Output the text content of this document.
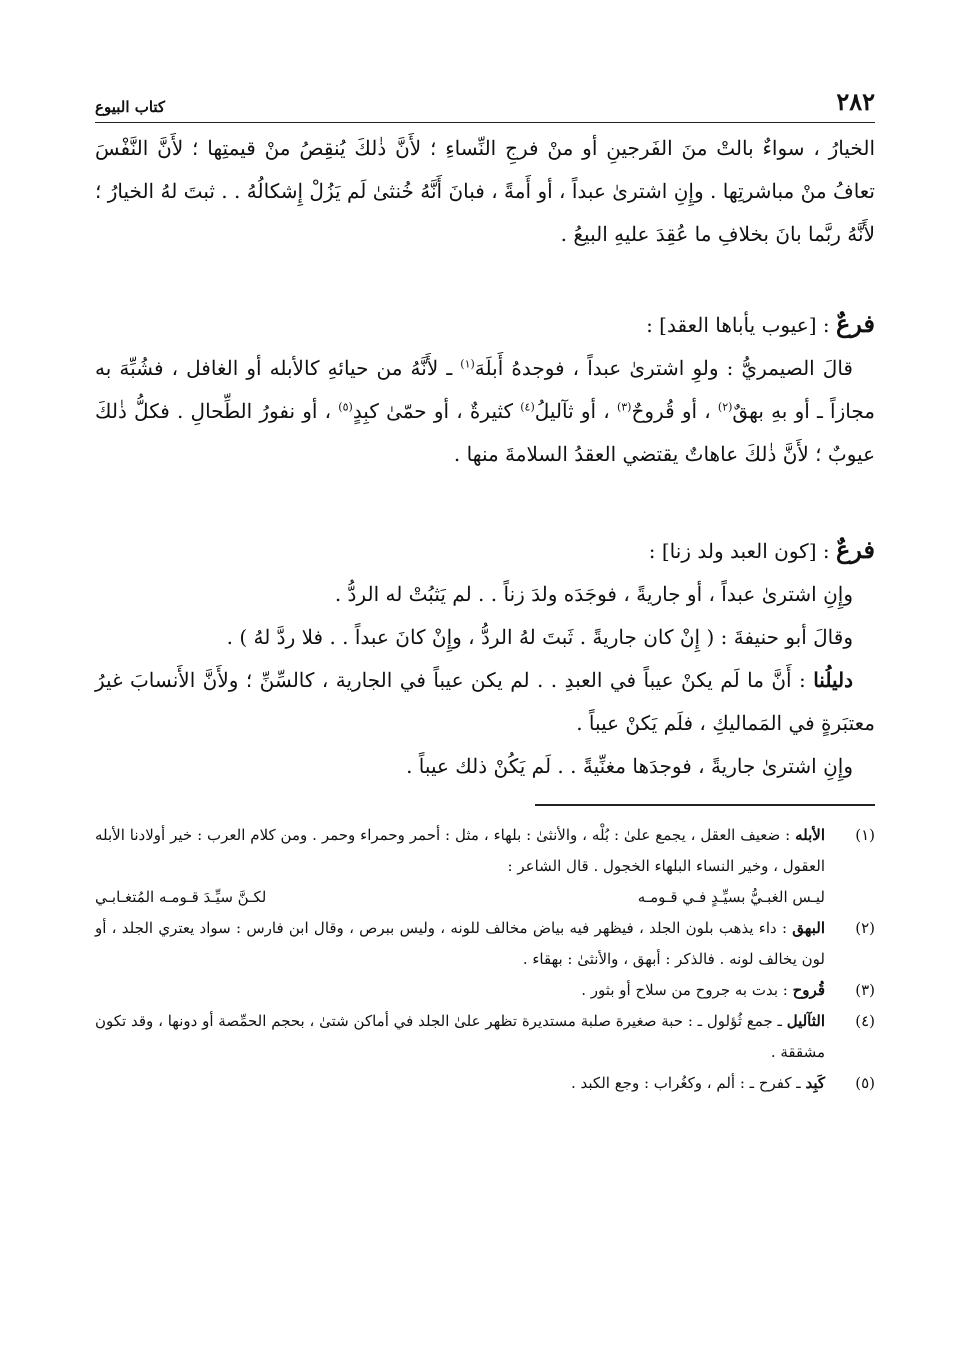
٢٨٢
كتاب البيوع

الخيارُ ، سواءٌ بالتْ منَ الفَرجينِ أو منْ فرجِ النِّساءِ ؛ لأَنَّ ذٰلكَ يُنقِصُ منْ قيمتِها ؛ لأَنَّ النَّفْسَ تعافُ منْ مباشرتِها . وإِنِ اشترىٰ عبداً ، أو أَمةً ، فبانَ أَنَّهُ خُنثىٰ لَم يَزُلْ إِشكالُهُ . . ثبتَ لهُ الخيارُ ؛ لأَنَّهُ ربَّما بانَ بخلافِ ما عُقِدَ عليهِ البيعُ .

فرعٌ : [عيوب يأباها العقد] :

قالَ الصيمريُّ : ولوِ اشترىٰ عبداً ، فوجدهُ أَبلَهَ$^{(١)}$ ـ لأَنَّهُ من حيائهِ كالأبله أو الغافل ، فشُبِّهَ به مجازاً ـ أو بهِ بهقٌ$^{(٢)}$ ، أو قُروحٌ$^{(٣)}$ ، أو ثآليلُ$^{(٤)}$ كثيرةٌ ، أو حمّىٰ كبِدٍ$^{(٥)}$ ، أو نفورُ الطِّحالِ . فكلُّ ذٰلكَ عيوبٌ ؛ لأَنَّ ذٰلكَ عاهاتٌ يقتضي العقدُ السلامةَ منها .

فرعٌ : [كون العبد ولد زنا] :

وإِنِ اشترىٰ عبداً ، أو جاريةً ، فوجَدَه ولدَ زناً . . لم يَثبُتْ له الردُّ .

وقالَ أبو حنيفةَ : ( إِنْ كان جاريةً . ثَبتَ لهُ الردُّ ، وإِنْ كانَ عبداً . . فلا ردَّ لهُ ) .

دليلُنا : أَنَّ ما لَم يكنْ عيباً في العبدِ . . لم يكن عيباً في الجارية ، كالسِّنِّ ؛ ولأَنَّ الأَنسابَ غيرُ معتبَرةٍ في المَماليكِ ، فلَم يَكنْ عيباً .

وإِنِ اشترىٰ جاريةً ، فوجدَها مغنِّيةً . . لَم يَكُنْ ذلك عيباً .

(١)
الأبله : ضعيف العقل ، يجمع علىٰ : بُلْه ، والأنثىٰ : بلهاء ، مثل : أحمر وحمراء وحمر . ومن كلام العرب : خير أولادنا الأبله العقول ، وخير النساء البلهاء الخجول . قال الشاعر :
ليـس الغبـيُّ بسيِّـدٍ فـي قـومـه
لكـنَّ سيِّـدَ قـومـه المُتغـابـي
(٢)
البهق : داء يذهب بلون الجلد ، فيظهر فيه بياض مخالف للونه ، وليس ببرص ، وقال ابن فارس : سواد يعتري الجلد ، أو لون يخالف لونه . فالذكر : أبهق ، والأنثىٰ : بهقاء .
(٣)
قُروح : بدت به جروح من سلاح أو بثور .
(٤)
الثآليل ـ جمع ثُؤلول ـ : حبة صغيرة صلبة مستديرة تظهر علىٰ الجلد في أماكن شتىٰ ، بحجم الحمِّصة أو دونها ، وقد تكون مشققة .
(٥)
كَبِد ـ كفرح ـ : ألم ، وكغُراب : وجع الكبد .
